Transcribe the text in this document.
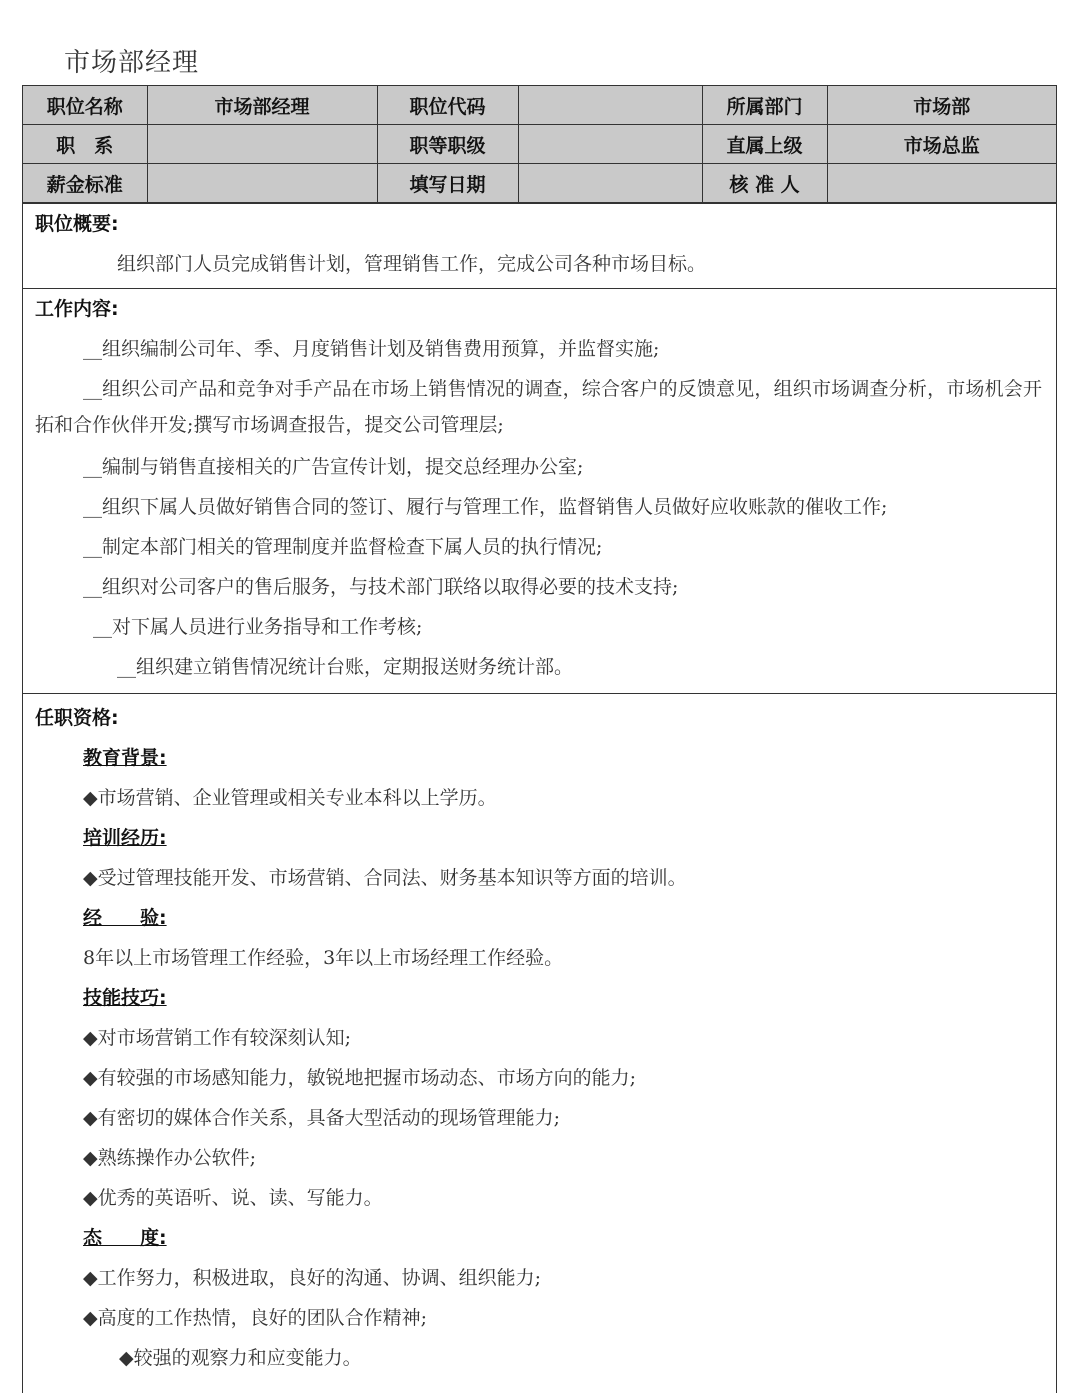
市场部经理
职位名称	市场部经理	职位代码		所属部门	市场部
职　系		职等职级		直属上级	市场总监
薪金标准		填写日期		核 准 人	
职位概要:
组织部门人员完成销售计划，管理销售工作，完成公司各种市场目标。
工作内容:
__组织编制公司年、季、月度销售计划及销售费用预算，并监督实施;
__组织公司产品和竞争对手产品在市场上销售情况的调查，综合客户的反馈意见，组织市场调查分析，市场机会开拓和合作伙伴开发;撰写市场调查报告，提交公司管理层;
__编制与销售直接相关的广告宣传计划，提交总经理办公室;
__组织下属人员做好销售合同的签订、履行与管理工作，监督销售人员做好应收账款的催收工作;
__制定本部门相关的管理制度并监督检查下属人员的执行情况;
__组织对公司客户的售后服务，与技术部门联络以取得必要的技术支持;
__对下属人员进行业务指导和工作考核;
__组织建立销售情况统计台账，定期报送财务统计部。
任职资格:
教育背景:
◆市场营销、企业管理或相关专业本科以上学历。
培训经历:
◆受过管理技能开发、市场营销、合同法、财务基本知识等方面的培训。
经　　验:
8年以上市场管理工作经验，3年以上市场经理工作经验。
技能技巧:
◆对市场营销工作有较深刻认知;
◆有较强的市场感知能力，敏锐地把握市场动态、市场方向的能力;
◆有密切的媒体合作关系，具备大型活动的现场管理能力;
◆熟练操作办公软件;
◆优秀的英语听、说、读、写能力。
态　　度:
◆工作努力，积极进取，良好的沟通、协调、组织能力;
◆高度的工作热情，良好的团队合作精神;
◆较强的观察力和应变能力。
